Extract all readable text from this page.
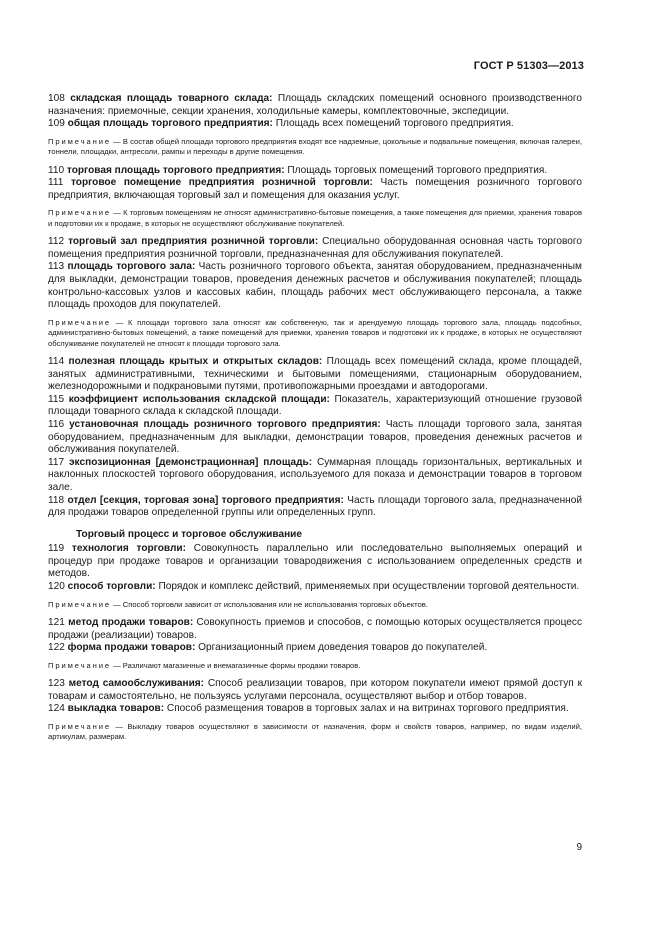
ГОСТ Р 51303—2013

108 складская площадь товарного склада: Площадь складских помещений основного производственного назначения: приемочные, секции хранения, холодильные камеры, комплектовочные, экспедиции.

109 общая площадь торгового предприятия: Площадь всех помещений торгового предприятия.

Примечание — В состав общей площади торгового предприятия входят все надземные, цокольные и подвальные помещения, включая галереи, тоннели, площадки, антресоли, рампы и переходы в другие помещения.

110 торговая площадь торгового предприятия: Площадь торговых помещений торгового предприятия.

111 торговое помещение предприятия розничной торговли: Часть помещения розничного торгового предприятия, включающая торговый зал и помещения для оказания услуг.

Примечание — К торговым помещениям не относят административно-бытовые помещения, а также помещения для приемки, хранения товаров и подготовки их к продаже, в которых не осуществляют обслуживание покупателей.

112 торговый зал предприятия розничной торговли: Специально оборудованная основная часть торгового помещения предприятия розничной торговли, предназначенная для обслуживания покупателей.

113 площадь торгового зала: Часть розничного торгового объекта, занятая оборудованием, предназначенным для выкладки, демонстрации товаров, проведения денежных расчетов и обслуживания покупателей; площадь контрольно-кассовых узлов и кассовых кабин, площадь рабочих мест обслуживающего персонала, а также площадь проходов для покупателей.

Примечание — К площади торгового зала относят как собственную, так и арендуемую площадь торгового зала, площадь подсобных, административно-бытовых помещений, а также помещений для приемки, хранения товаров и подготовки их к продаже, в которых не осуществляют обслуживание покупателей не относят к площади торгового зала.

114 полезная площадь крытых и открытых складов: Площадь всех помещений склада, кроме площадей, занятых административными, техническими и бытовыми помещениями, стационарным оборудованием, железнодорожными и подкрановыми путями, противопожарными проездами и автодорогами.

115 коэффициент использования складской площади: Показатель, характеризующий отношение грузовой площади товарного склада к складской площади.

116 установочная площадь розничного торгового предприятия: Часть площади торгового зала, занятая оборудованием, предназначенным для выкладки, демонстрации товаров, проведения денежных расчетов и обслуживания покупателей.

117 экспозиционная [демонстрационная] площадь: Суммарная площадь горизонтальных, вертикальных и наклонных плоскостей торгового оборудования, используемого для показа и демонстрации товаров в торговом зале.

118 отдел [секция, торговая зона] торгового предприятия: Часть площади торгового зала, предназначенной для продажи товаров определенной группы или определенных групп.

Торговый процесс и торговое обслуживание

119 технология торговли: Совокупность параллельно или последовательно выполняемых операций и процедур при продаже товаров и организации товародвижения с использованием определенных средств и методов.

120 способ торговли: Порядок и комплекс действий, применяемых при осуществлении торговой деятельности.

Примечание — Способ торговли зависит от использования или не использования торговых объектов.

121 метод продажи товаров: Совокупность приемов и способов, с помощью которых осуществляется процесс продажи (реализации) товаров.

122 форма продажи товаров: Организационный прием доведения товаров до покупателей.

Примечание — Различают магазинные и внемагазинные формы продажи товаров.

123 метод самообслуживания: Способ реализации товаров, при котором покупатели имеют прямой доступ к товарам и самостоятельно, не пользуясь услугами персонала, осуществляют выбор и отбор товаров.

124 выкладка товаров: Способ размещения товаров в торговых залах и на витринах торгового предприятия.

Примечание — Выкладку товаров осуществляют в зависимости от назначения, форм и свойств товаров, например, по видам изделий, артикулам, размерам.

9
